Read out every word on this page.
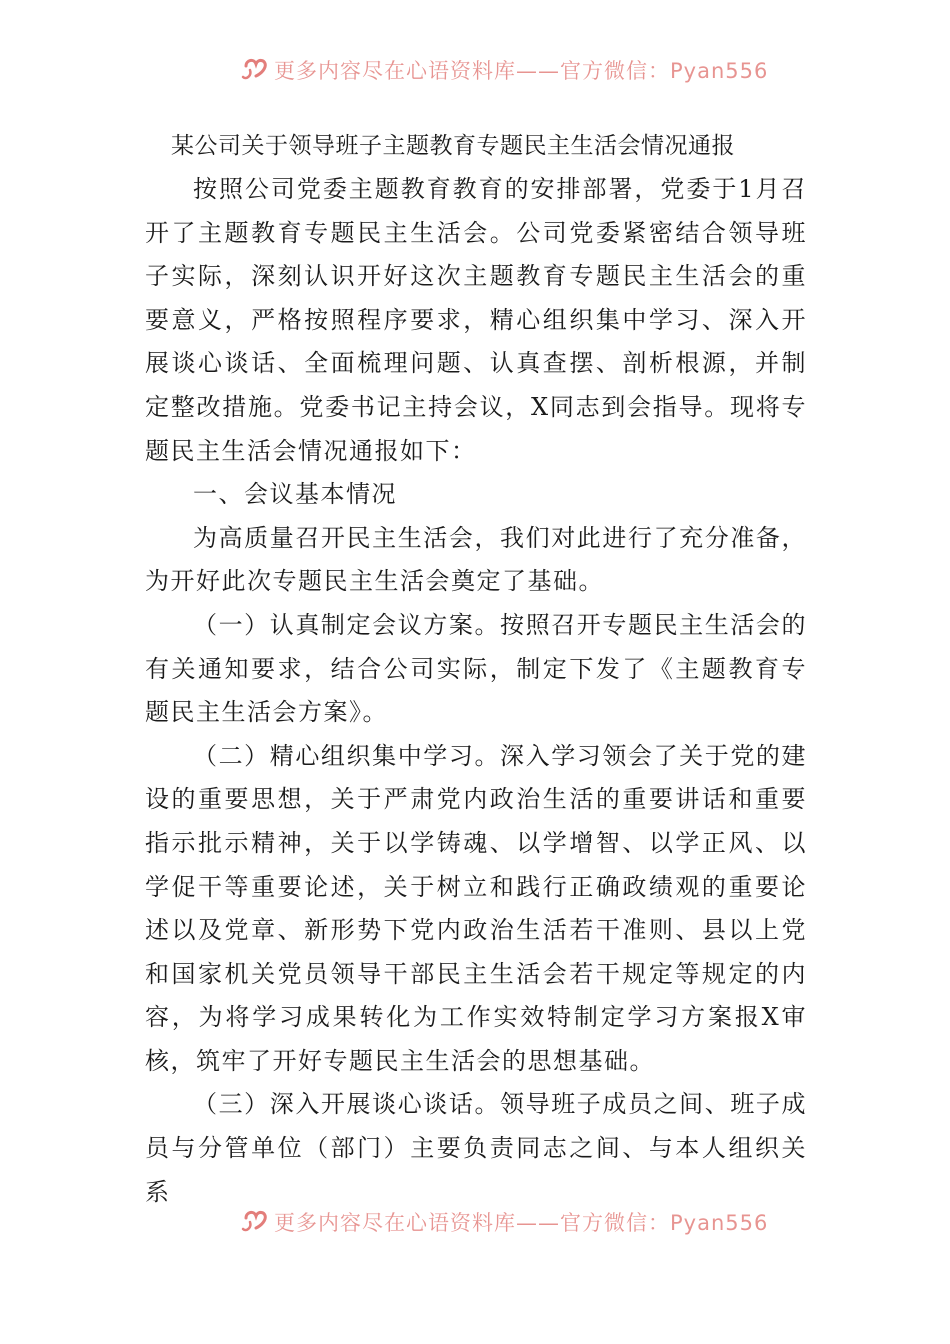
更多内容尽在心语资料库——官方微信：Pyan556
某公司关于领导班子主题教育专题民主生活会情况通报

按照公司党委主题教育教育的安排部署，党委于1月召开了主题教育专题民主生活会。公司党委紧密结合领导班子实际，深刻认识开好这次主题教育专题民主生活会的重要意义，严格按照程序要求，精心组织集中学习、深入开展谈心谈话、全面梳理问题、认真查摆、剖析根源，并制定整改措施。党委书记主持会议，X同志到会指导。现将专题民主生活会情况通报如下：

一、会议基本情况

为高质量召开民主生活会，我们对此进行了充分准备，为开好此次专题民主生活会奠定了基础。

（一）认真制定会议方案。按照召开专题民主生活会的有关通知要求，结合公司实际，制定下发了《主题教育专题民主生活会方案》。

（二）精心组织集中学习。深入学习领会了关于党的建设的重要思想，关于严肃党内政治生活的重要讲话和重要指示批示精神，关于以学铸魂、以学增智、以学正风、以学促干等重要论述，关于树立和践行正确政绩观的重要论述以及党章、新形势下党内政治生活若干准则、县以上党和国家机关党员领导干部民主生活会若干规定等规定的内容，为将学习成果转化为工作实效特制定学习方案报X审核，筑牢了开好专题民主生活会的思想基础。

（三）深入开展谈心谈话。领导班子成员之间、班子成员与分管单位（部门）主要负责同志之间、与本人组织关系

更多内容尽在心语资料库——官方微信：Pyan556
